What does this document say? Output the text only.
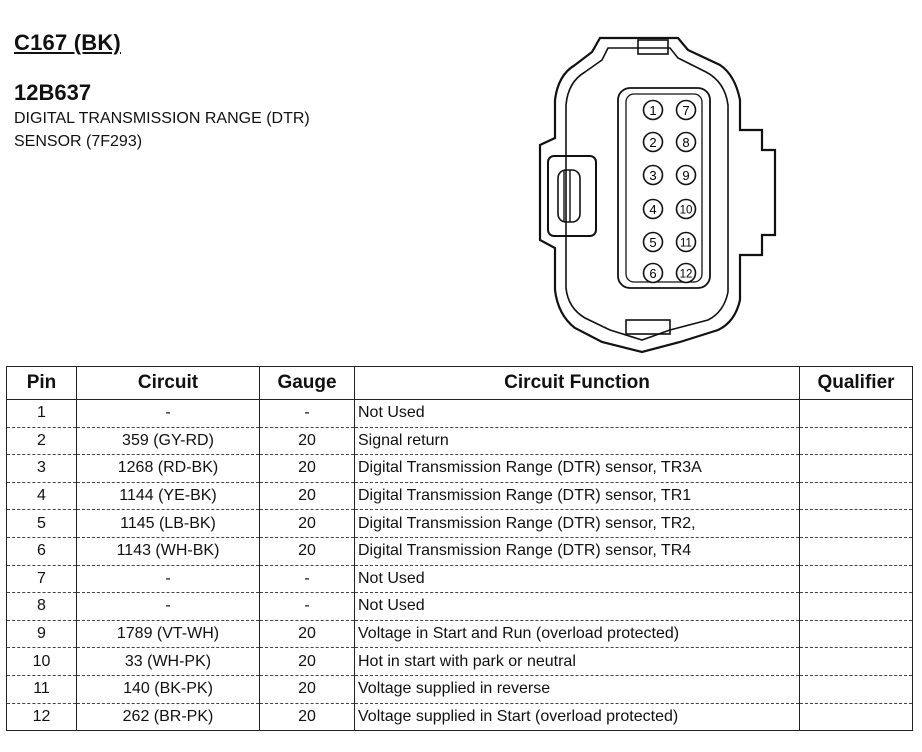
C167 (BK)
12B637
DIGITAL TRANSMISSION RANGE (DTR)
SENSOR (7F293)
1
2
3
4
5
6
7
8
9
10
11
12
Pin	Circuit	Gauge	Circuit Function	Qualifier
1	-	-	Not Used	
2	359 (GY-RD)	20	Signal return	
3	1268 (RD-BK)	20	Digital Transmission Range (DTR) sensor, TR3A	
4	1144 (YE-BK)	20	Digital Transmission Range (DTR) sensor, TR1	
5	1145 (LB-BK)	20	Digital Transmission Range (DTR) sensor, TR2,	
6	1143 (WH-BK)	20	Digital Transmission Range (DTR) sensor, TR4	
7	-	-	Not Used	
8	-	-	Not Used	
9	1789 (VT-WH)	20	Voltage in Start and Run (overload protected)	
10	33 (WH-PK)	20	Hot in start with park or neutral	
11	140 (BK-PK)	20	Voltage supplied in reverse	
12	262 (BR-PK)	20	Voltage supplied in Start (overload protected)	
